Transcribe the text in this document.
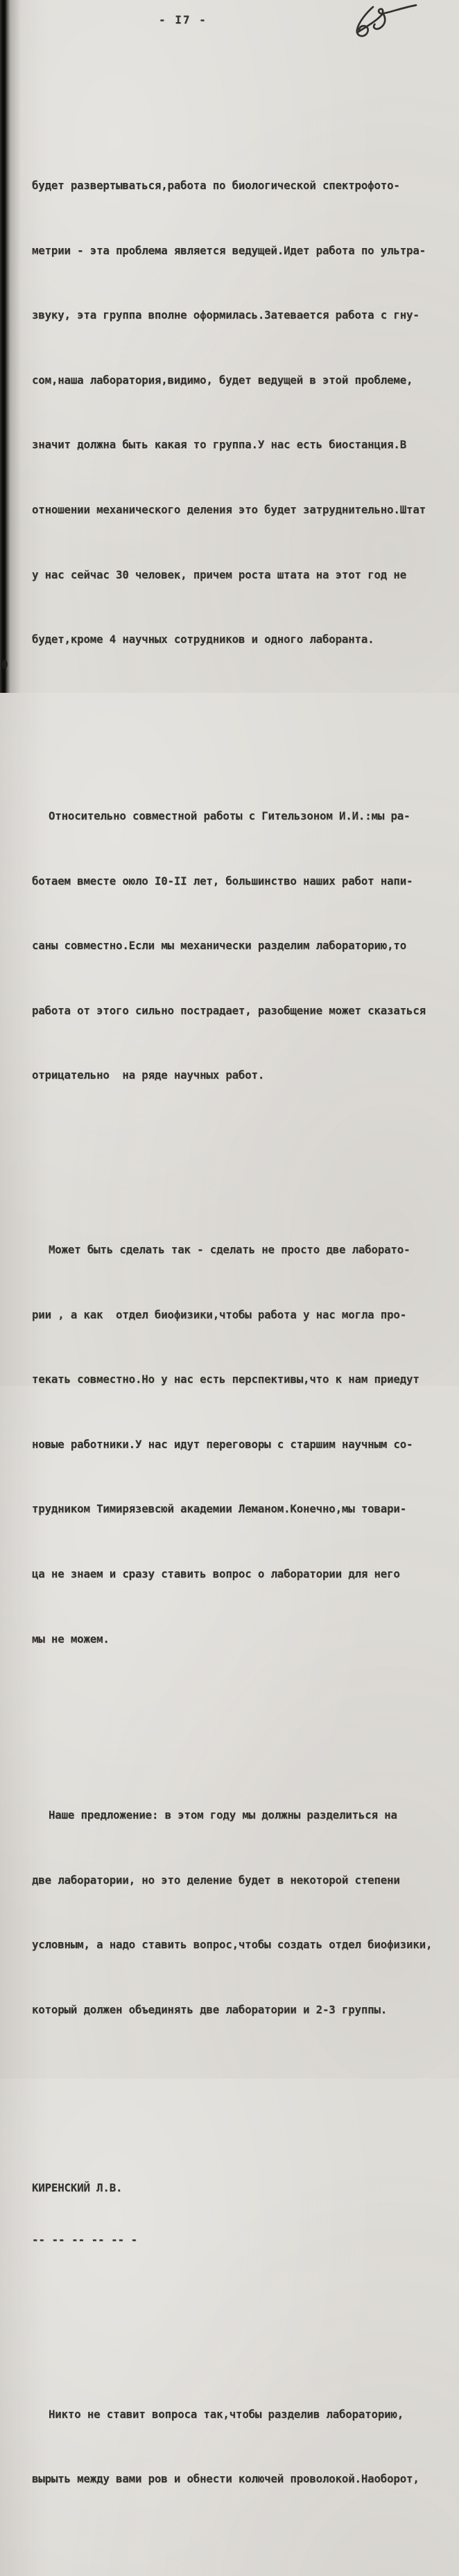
- I7 -

будет развертываться,работа по биологической спектрофото-

метрии - эта проблема является ведущей.Идет работа по ультра-

звуку, эта группа вполне оформилась.Затевается работа с гну-

сом,наша лаборатория,видимо, будет ведущей в этой проблеме,

значит должна быть какая то группа.У нас есть биостанция.В

отношении механического деления это будет затруднительно.Штат

у нас сейчас 30 человек, причем роста штата на этот год не

будет,кроме 4 научных сотрудников и одного лаборанта.

Относительно совместной работы с Гительзоном И.И.:мы ра-

ботаем вместе оюло I0-II лет, большинство наших работ напи-

саны совместно.Если мы механически разделим лабораторию,то

работа от этого сильно пострадает, разобщение может сказаться

отрицательно  на ряде научных работ.

Может быть сделать так - сделать не просто две лаборато-

рии , а как  отдел биофизики,чтобы работа у нас могла про-

текать совместно.Но у нас есть перспективы,что к нам приедут

новые работники.У нас идут переговоры с старшим научным со-

трудником Тимирязевсюй академии Леманом.Конечно,мы товари-

ца не знаем и сразу ставить вопрос о лаборатории для него

мы не можем.

Наше предложение: в этом году мы должны разделиться на

две лаборатории, но это деление будет в некоторой степени

условным, а надо ставить вопрос,чтобы создать отдел биофизики,

который должен объединять две лаборатории и 2-3 группы.

КИРЕНСКИЙ Л.В.

-- -- -- -- -- -

Никто не ставит вопроса так,чтобы разделив лабораторию,

вырыть между вами ров и обнести колючей проволокой.Наоборот,
